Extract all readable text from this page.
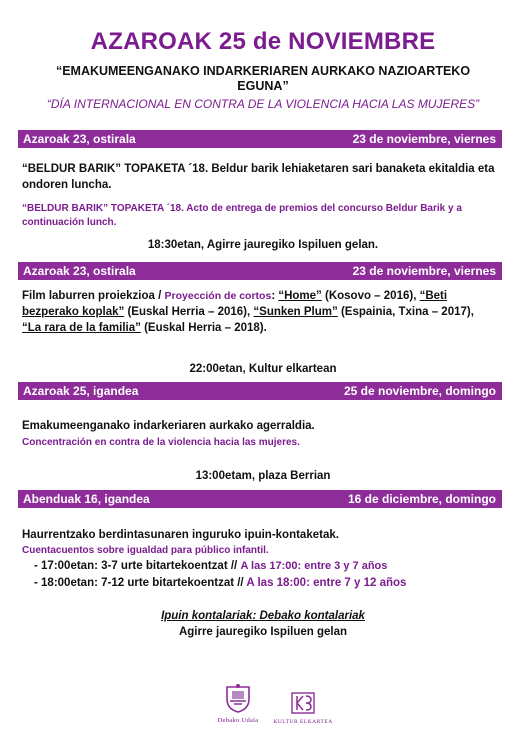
AZAROAK 25 de NOVIEMBRE
“EMAKUMEENGANAKO INDARKERIAREN AURKAKO NAZIOARTEKO
EGUNA”
“DÍA INTERNACIONAL EN CONTRA DE LA VIOLENCIA HACIA LAS MUJERES”
Azaroak 23, ostirala	23 de noviembre, viernes
“BELDUR BARIK” TOPAKETA ´18. Beldur barik lehiaketaren sari banaketa ekitaldia eta ondoren luncha.
“BELDUR BARIK” TOPAKETA ´18. Acto de entrega de premios del concurso Beldur Barik y a continuación lunch.
18:30etan, Agirre jauregiko Ispiluen gelan.
Azaroak 23, ostirala	23 de noviembre, viernes
Film laburren proiekzioa / Proyección de cortos: “Home” (Kosovo – 2016), “Beti bezperako koplak” (Euskal Herria – 2016), “Sunken Plum” (Espainia, Txina – 2017), “La rara de la familia” (Euskal Herria – 2018).
22:00etan, Kultur elkartean
Azaroak 25, igandea	25 de noviembre, domingo
Emakumeenganako indarkeriaren aurkako agerraldia.
Concentración en contra de la violencia hacia las mujeres.
13:00etam, plaza Berrian
Abenduak 16, igandea	16 de diciembre, domingo
Haurrentzako berdintasunaren inguruko ipuin-kontaketak.
Cuentacuentos sobre igualdad para público infantil.
- 17:00etan: 3-7 urte bitartekoentzat // A las 17:00: entre 3 y 7 años
- 18:00etan: 7-12 urte bitartekoentzat // A las 18:00: entre 7 y 12 años
Ipuin kontalariak: Debako kontalariak
Agirre jauregiko Ispiluen gelan
Debako Udala	KULTUR ELKARTEA
